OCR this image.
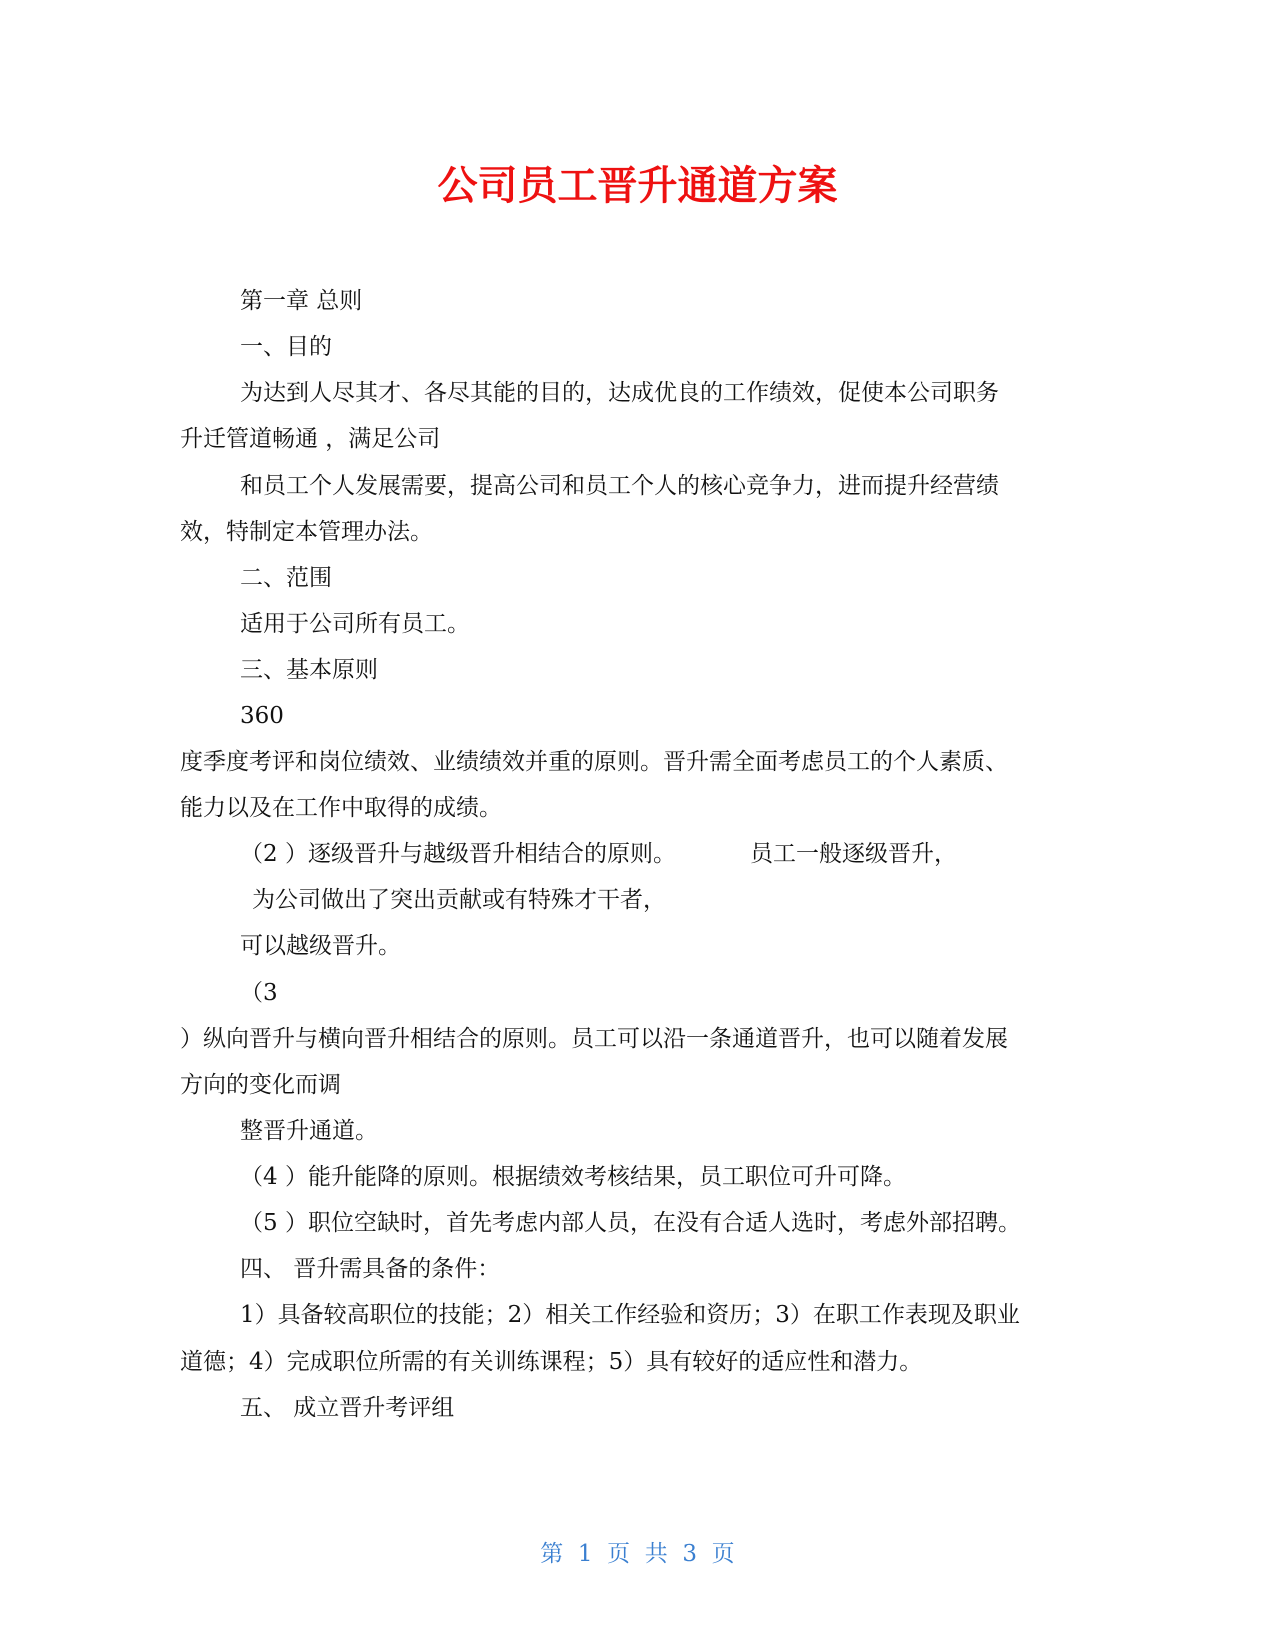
公司员工晋升通道方案

第一章 总则

一、目的

为达到人尽其才、各尽其能的目的，达成优良的工作绩效，促使本公司职务

升迁管道畅通 ，满足公司

和员工个人发展需要，提高公司和员工个人的核心竞争力，进而提升经营绩

效，特制定本管理办法。

二、范围

适用于公司所有员工。

三、基本原则

360

度季度考评和岗位绩效、业绩绩效并重的原则。晋升需全面考虑员工的个人素质、

能力以及在工作中取得的成绩。

（2 ）逐级晋升与越级晋升相结合的原则。	员工一般逐级晋升，

为公司做出了突出贡献或有特殊才干者，

可以越级晋升。

（3

）纵向晋升与横向晋升相结合的原则。员工可以沿一条通道晋升，也可以随着发展

方向的变化而调

整晋升通道。

（4 ）能升能降的原则。根据绩效考核结果，员工职位可升可降。

（5 ）职位空缺时，首先考虑内部人员，在没有合适人选时，考虑外部招聘。

四、 晋升需具备的条件：

1）具备较高职位的技能；2）相关工作经验和资历；3）在职工作表现及职业

道德；4）完成职位所需的有关训练课程；5）具有较好的适应性和潜力。

五、 成立晋升考评组

第  1  页  共  3  页
